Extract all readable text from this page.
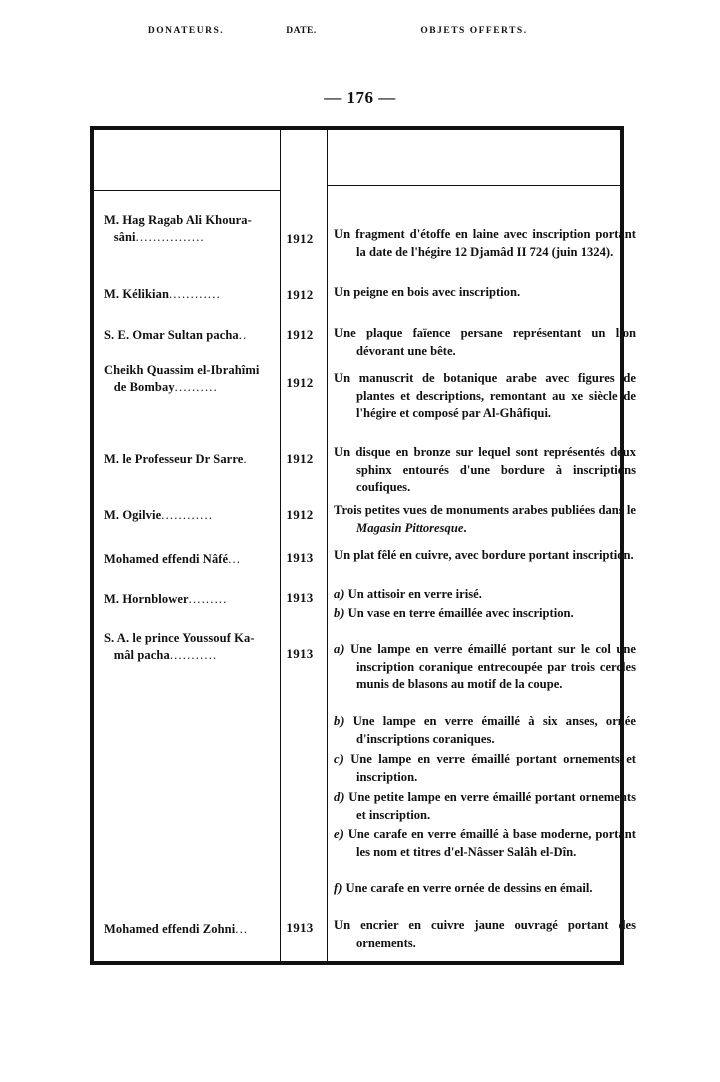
— 176 —
DONATEURS.	DATE.	OBJETS OFFERTS.
M. Hag Ragab Ali Khoura-
sâni................	1912	Un fragment d'étoffe en laine avec inscription portant la date de l'hégire 12 Djamâd II 724 (juin 1324).
M. Kélikian............	1912	Un peigne en bois avec inscription.
S. E. Omar Sultan pacha..	1912	Une plaque faïence persane représentant un lion dévorant une bête.
Cheikh Quassim el-Ibrahîmi
de Bombay..........	1912	Un manuscrit de botanique arabe avec figures de plantes et descriptions, remontant au xe siècle de l'hégire et composé par Al-Ghâfiqui.
M. le Professeur Dr Sarre.	1912	Un disque en bronze sur lequel sont représentés deux sphinx entourés d'une bordure à inscriptions coufiques.
M. Ogilvie............	1912	Trois petites vues de monuments arabes publiées dans le Magasin Pittoresque.
Mohamed effendi Nâfé...	1913	Un plat fêlé en cuivre, avec bordure portant inscription.
M. Hornblower.........	1913	a) Un attisoir en verre irisé.
b) Un vase en terre émaillée avec inscription.
S. A. le prince Youssouf Ka-
mâl pacha...........	1913	a) Une lampe en verre émaillé portant sur le col une inscription coranique entrecoupée par trois cercles munis de blasons au motif de la coupe.
b) Une lampe en verre émaillé à six anses, ornée d'inscriptions coraniques.
c) Une lampe en verre émaillé portant ornements et inscription.
d) Une petite lampe en verre émaillé portant ornements et inscription.
e) Une carafe en verre émaillé à base moderne, portant les nom et titres d'el-Nâsser Salâh el-Dîn.
f) Une carafe en verre ornée de dessins en émail.
Mohamed effendi Zohni...	1913	Un encrier en cuivre jaune ouvragé portant des ornements.
